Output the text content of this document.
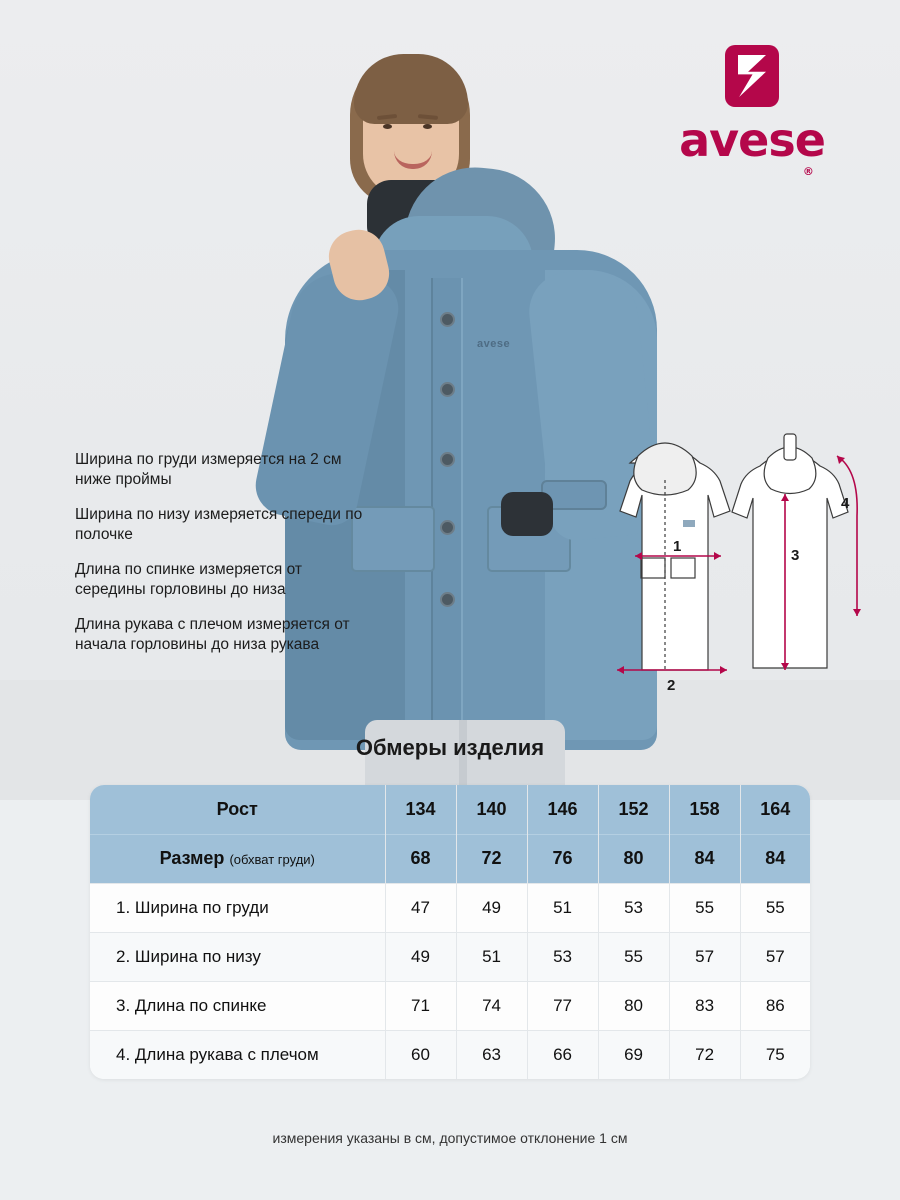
avese
avese
®

Ширина по груди измеряется на 2 см ниже проймы

Ширина по низу измеряется спереди по полочке

Длина по спинке измеряется от середины горловины до низа

Длина рукава с плечом измеряется от начала горловины до низа рукава

1
2
3
4
Обмеры изделия
Рост	134	140	146	152	158	164
Размер (обхват груди)	68	72	76	80	84	84
1. Ширина по груди	47	49	51	53	55	55
2. Ширина по низу	49	51	53	55	57	57
3. Длина по спинке	71	74	77	80	83	86
4. Длина рукава с плечом	60	63	66	69	72	75
измерения указаны в см, допустимое отклонение 1 см
